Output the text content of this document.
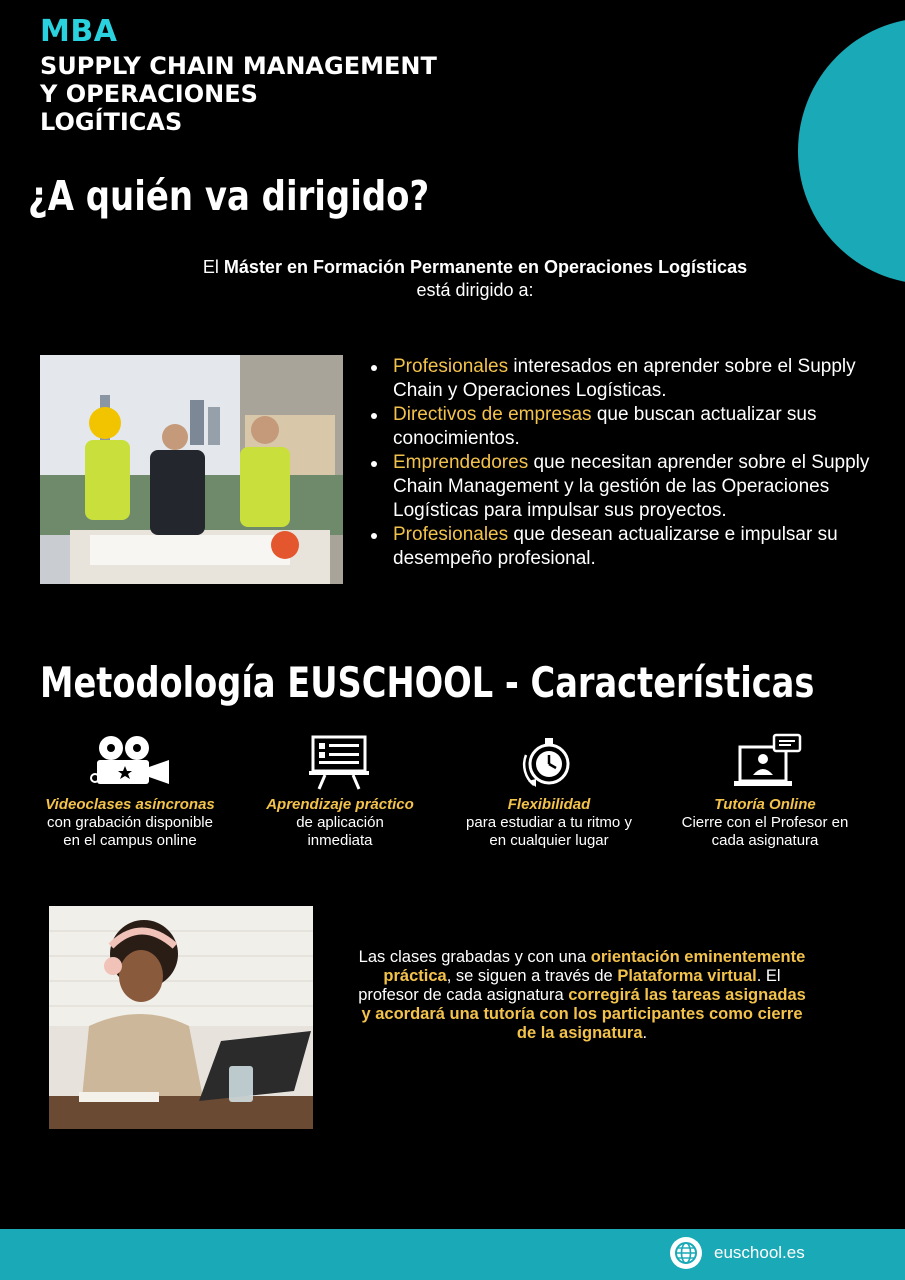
MBA
SUPPLY CHAIN MANAGEMENT
Y OPERACIONES
LOGÍTICAS
¿A quién va dirigido?
El Máster en Formación Permanente en Operaciones Logísticas
está dirigido a:
Profesionales interesados en aprender sobre el Supply Chain y Operaciones Logísticas.
Directivos de empresas que buscan actualizar sus conocimientos.
Emprendedores que necesitan aprender sobre el Supply Chain Management y la gestión de las Operaciones Logísticas para impulsar sus proyectos.
Profesionales que desean actualizarse e impulsar su desempeño profesional.
Metodología EUSCHOOL - Características
Videoclases asíncronas
con grabación disponible
en el campus online
Aprendizaje práctico
de aplicación
inmediata
Flexibilidad
para estudiar a tu ritmo y
en cualquier lugar
Tutoría Online
Cierre con el Profesor en
cada asignatura
Las clases grabadas y con una orientación eminentemente práctica, se siguen a través de Plataforma virtual. El profesor de cada asignatura corregirá las tareas asignadas y acordará una tutoría con los participantes como cierre de la asignatura.
euschool.es
